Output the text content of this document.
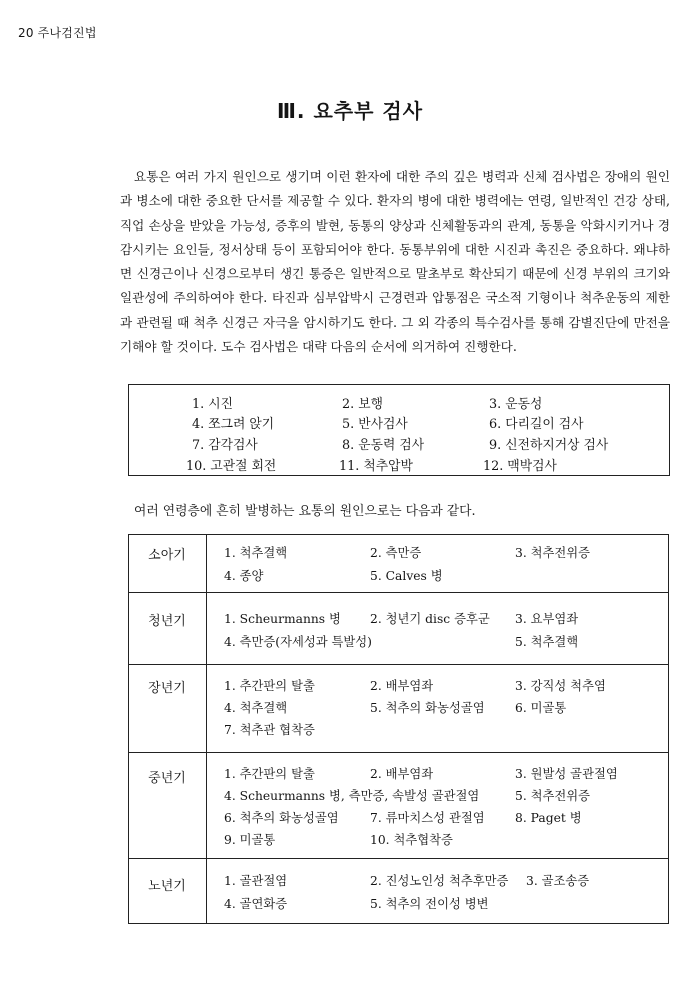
20 주나검진법
Ⅲ. 요추부 검사

요통은 여러 가지 원인으로 생기며 이런 환자에 대한 주의 깊은 병력과 신체 검사법은 장애의 원인과 병소에 대한 중요한 단서를 제공할 수 있다. 환자의 병에 대한 병력에는 연령, 일반적인 건강 상태, 직업 손상을 받았을 가능성, 증후의 발현, 동통의 양상과 신체활동과의 관계, 동통을 악화시키거나 경감시키는 요인들, 정서상태 등이 포함되어야 한다. 동통부위에 대한 시진과 촉진은 중요하다. 왜냐하면 신경근이나 신경으로부터 생긴 통증은 일반적으로 말초부로 확산되기 때문에 신경 부위의 크기와 일관성에 주의하여야 한다. 타진과 심부압박시 근경련과 압통점은 국소적 기형이나 척추운동의 제한과 관련될 때 척추 신경근 자극을 암시하기도 한다. 그 외 각종의 특수검사를 통해 감별진단에 만전을 기해야 할 것이다. 도수 검사법은 대략 다음의 순서에 의거하여 진행한다.

1. 시진	2. 보행	3. 운동성
4. 쪼그려 앉기	5. 반사검사	6. 다리길이 검사
7. 감각검사	8. 운동력 검사	9. 신전하지거상 검사
10. 고관절 회전	11. 척추압박	12. 맥박검사
여러 연령층에 흔히 발병하는 요통의 원인으로는 다음과 같다.
소아기	1. 척추결핵	2. 측만증	3. 척추전위증
4. 종양	5. Calves 병
청년기	1. Scheurmanns 병 2. 청년기 disc 증후군 3. 요부염좌
4. 측만증(자세성과 특발성)	5. 척추결핵
장년기	1. 추간판의 탈출	2. 배부염좌	3. 강직성 척추염
4. 척추결핵	5. 척추의 화농성골염 6. 미골통
7. 척추관 협착증
중년기	1. 추간판의 탈출	2. 배부염좌	3. 원발성 골관절염
4. Scheurmanns 병, 측만증, 속발성 골관절염	5. 척추전위증
6. 척추의 화농성골염	7. 류마치스성 관절염 8. Paget 병
9. 미골통	10. 척추협착증
노년기	1. 골관절염	2. 진성노인성 척추후만증 3. 골조송증
4. 골연화증	5. 척추의 전이성 병변
